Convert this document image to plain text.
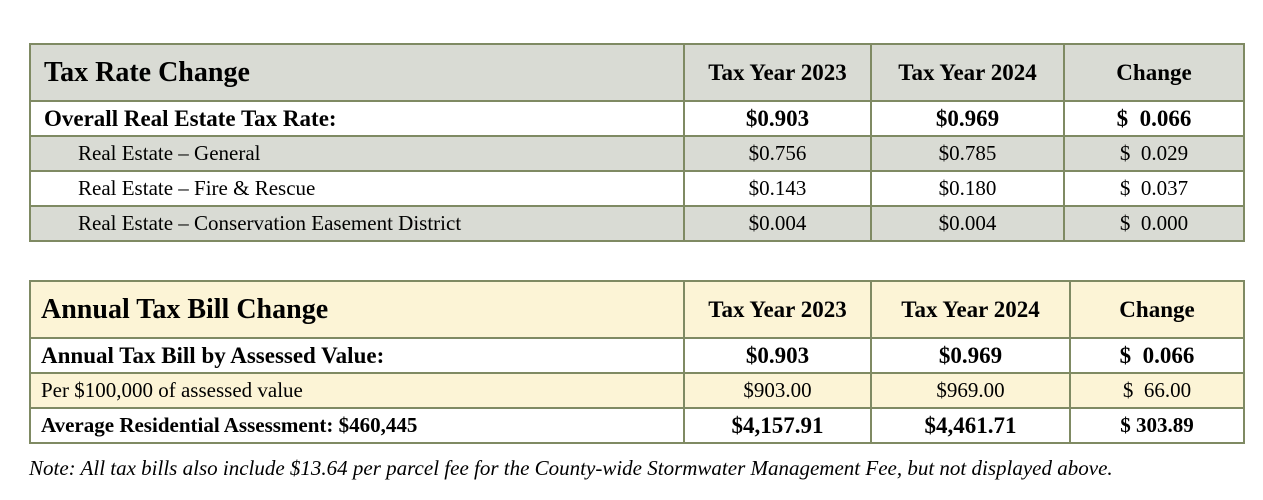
Tax Rate Change	Tax Year 2023	Tax Year 2024	Change
Overall Real Estate Tax Rate:	$0.903	$0.969	$  0.066
Real Estate – General	$0.756	$0.785	$  0.029
Real Estate – Fire & Rescue	$0.143	$0.180	$  0.037
Real Estate – Conservation Easement District	$0.004	$0.004	$  0.000
Annual Tax Bill Change	Tax Year 2023	Tax Year 2024	Change
Annual Tax Bill by Assessed Value:	$0.903	$0.969	$  0.066
Per $100,000 of assessed value	$903.00	$969.00	$  66.00
Average Residential Assessment: $460,445	$4,157.91	$4,461.71	$ 303.89
Note: All tax bills also include $13.64 per parcel fee for the County-wide Stormwater Management Fee, but not displayed above.
